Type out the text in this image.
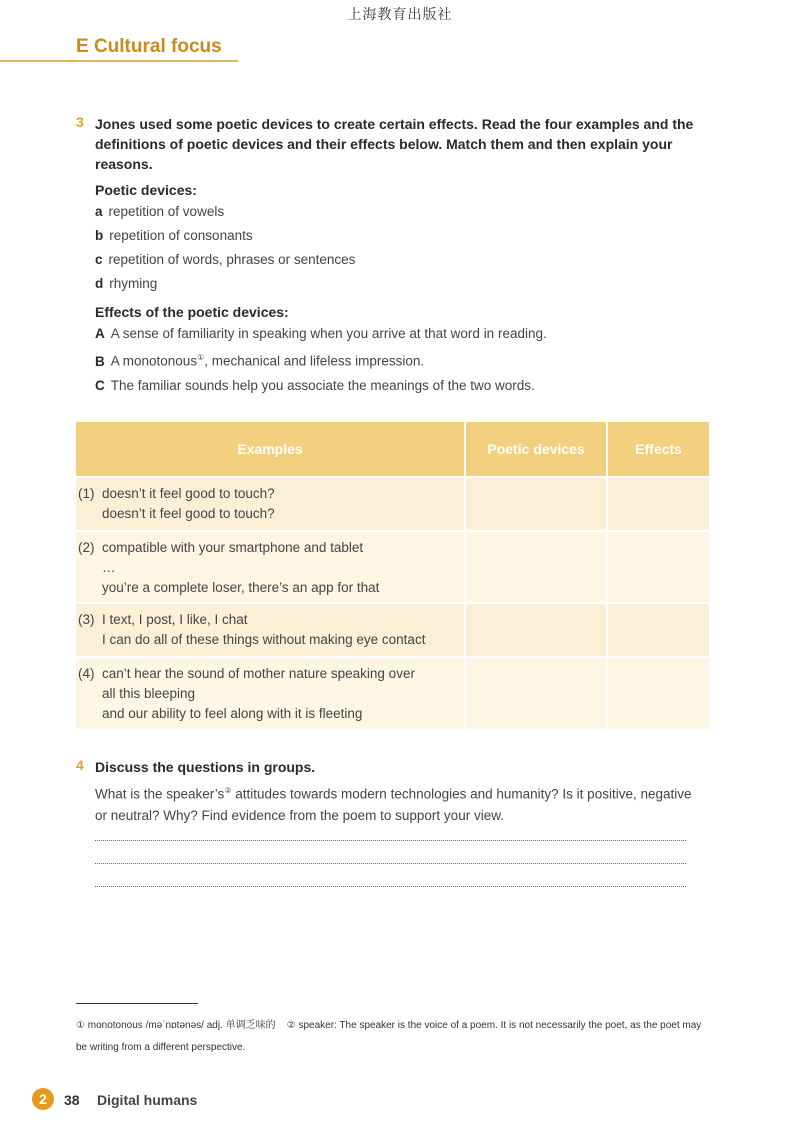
上海教育出版社
E Cultural focus
3 Jones used some poetic devices to create certain effects. Read the four examples and the definitions of poetic devices and their effects below. Match them and then explain your reasons.
Poetic devices:
a repetition of vowels
b repetition of consonants
c repetition of words, phrases or sentences
d rhyming
Effects of the poetic devices:
A A sense of familiarity in speaking when you arrive at that word in reading.
B A monotonous①, mechanical and lifeless impression.
C The familiar sounds help you associate the meanings of the two words.
Examples	Poetic devices	Effects
(1) doesn’t it feel good to touch?
doesn’t it feel good to touch?		
(2) compatible with your smartphone and tablet
…
you’re a complete loser, there’s an app for that		
(3) I text, I post, I like, I chat
I can do all of these things without making eye contact		
(4) can’t hear the sound of mother nature speaking over
all this bleeping
and our ability to feel along with it is fleeting		
4 Discuss the questions in groups.
What is the speaker’s② attitudes towards modern technologies and humanity? Is it positive, negative or neutral? Why? Find evidence from the poem to support your view.
① monotonous /məˈnɒtənəs/ adj. 单调乏味的 ② speaker: The speaker is the voice of a poem. It is not necessarily the poet, as the poet may be writing from a different perspective.
2	38 Digital humans
